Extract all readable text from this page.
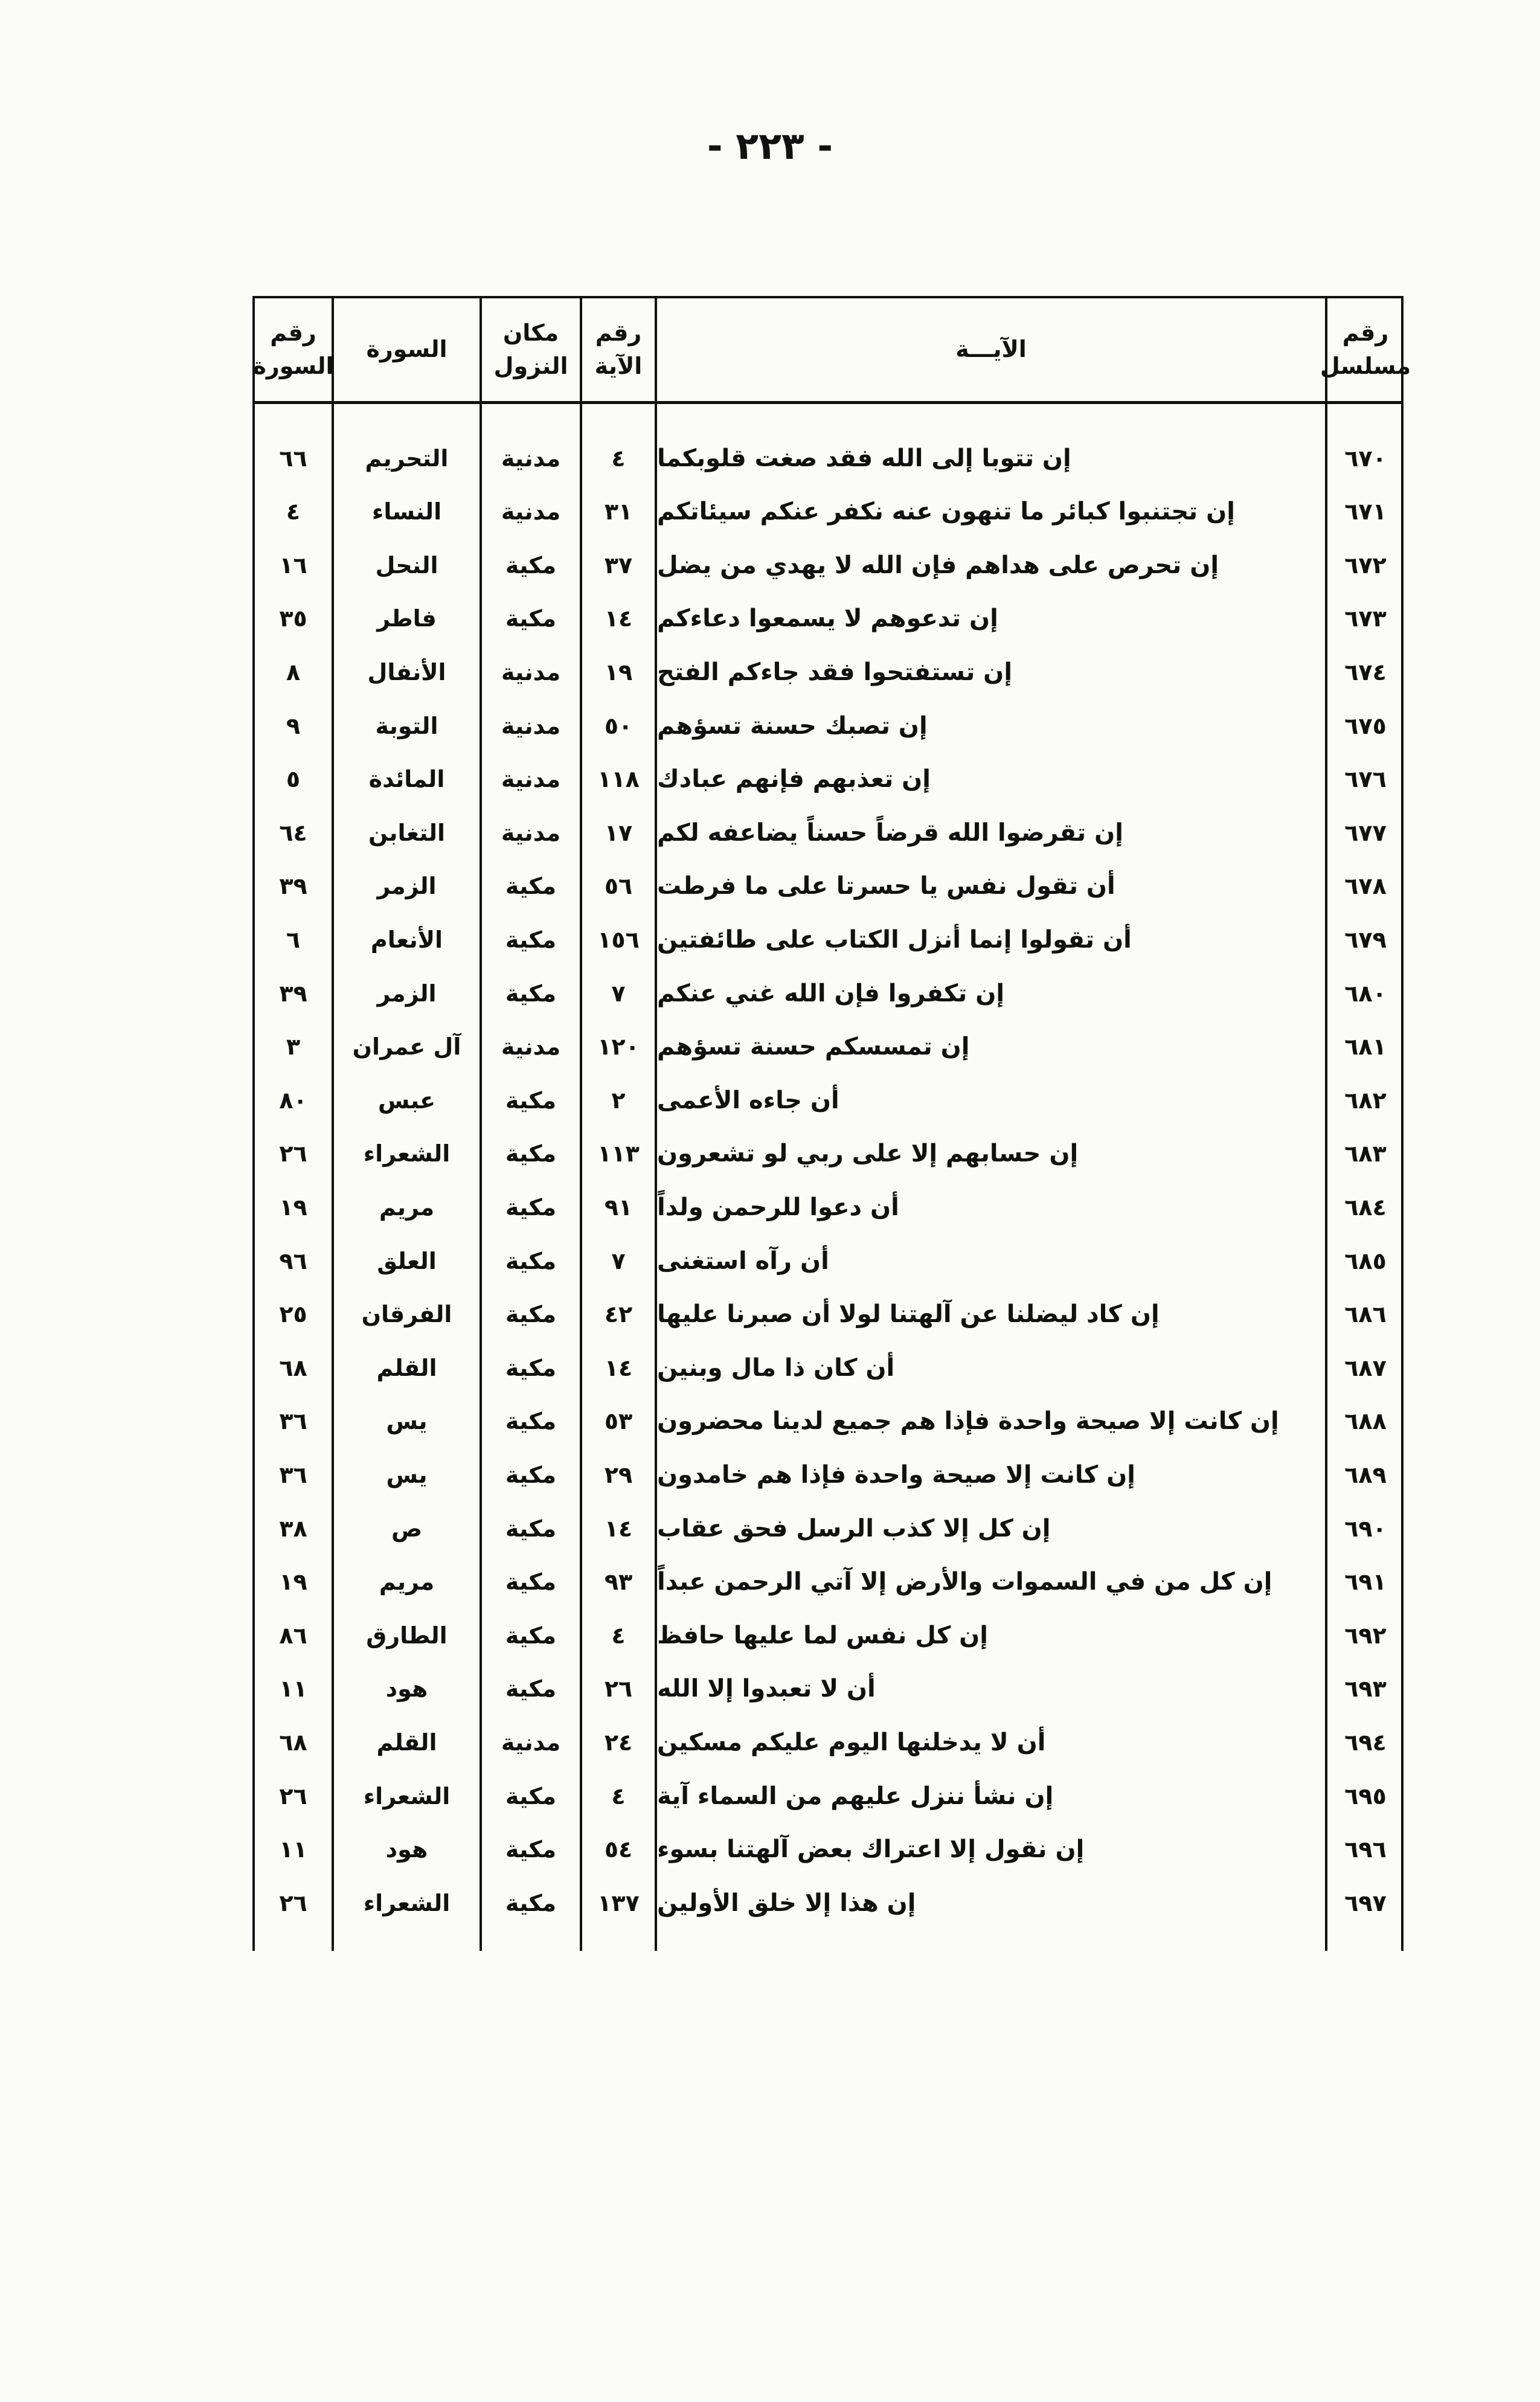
- ٢٢٣ -
رقم
مسلسل
الآيـــة
رقم
الآية
مكان
النزول
السورة
رقم
السورة
٦٧٠
إن تتوبا إلى الله فقد صغت قلوبكما
٤
مدنية
التحريم
٦٦
٦٧١
إن تجتنبوا كبائر ما تنهون عنه نكفر عنكم سيئاتكم
٣١
مدنية
النساء
٤
٦٧٢
إن تحرص على هداهم فإن الله لا يهدي من يضل
٣٧
مكية
النحل
١٦
٦٧٣
إن تدعوهم لا يسمعوا دعاءكم
١٤
مكية
فاطر
٣٥
٦٧٤
إن تستفتحوا فقد جاءكم الفتح
١٩
مدنية
الأنفال
٨
٦٧٥
إن تصبك حسنة تسؤهم
٥٠
مدنية
التوبة
٩
٦٧٦
إن تعذبهم فإنهم عبادك
١١٨
مدنية
المائدة
٥
٦٧٧
إن تقرضوا الله قرضاً حسناً يضاعفه لكم
١٧
مدنية
التغابن
٦٤
٦٧٨
أن تقول نفس يا حسرتا على ما فرطت
٥٦
مكية
الزمر
٣٩
٦٧٩
أن تقولوا إنما أنزل الكتاب على طائفتين
١٥٦
مكية
الأنعام
٦
٦٨٠
إن تكفروا فإن الله غني عنكم
٧
مكية
الزمر
٣٩
٦٨١
إن تمسسكم حسنة تسؤهم
١٢٠
مدنية
آل عمران
٣
٦٨٢
أن جاءه الأعمى
٢
مكية
عبس
٨٠
٦٨٣
إن حسابهم إلا على ربي لو تشعرون
١١٣
مكية
الشعراء
٢٦
٦٨٤
أن دعوا للرحمن ولداً
٩١
مكية
مريم
١٩
٦٨٥
أن رآه استغنى
٧
مكية
العلق
٩٦
٦٨٦
إن كاد ليضلنا عن آلهتنا لولا أن صبرنا عليها
٤٢
مكية
الفرقان
٢٥
٦٨٧
أن كان ذا مال وبنين
١٤
مكية
القلم
٦٨
٦٨٨
إن كانت إلا صيحة واحدة فإذا هم جميع لدينا محضرون
٥٣
مكية
يس
٣٦
٦٨٩
إن كانت إلا صيحة واحدة فإذا هم خامدون
٢٩
مكية
يس
٣٦
٦٩٠
إن كل إلا كذب الرسل فحق عقاب
١٤
مكية
ص
٣٨
٦٩١
إن كل من في السموات والأرض إلا آتي الرحمن عبداً
٩٣
مكية
مريم
١٩
٦٩٢
إن كل نفس لما عليها حافظ
٤
مكية
الطارق
٨٦
٦٩٣
أن لا تعبدوا إلا الله
٢٦
مكية
هود
١١
٦٩٤
أن لا يدخلنها اليوم عليكم مسكين
٢٤
مدنية
القلم
٦٨
٦٩٥
إن نشأ ننزل عليهم من السماء آية
٤
مكية
الشعراء
٢٦
٦٩٦
إن نقول إلا اعتراك بعض آلهتنا بسوء
٥٤
مكية
هود
١١
٦٩٧
إن هذا إلا خلق الأولين
١٣٧
مكية
الشعراء
٢٦
